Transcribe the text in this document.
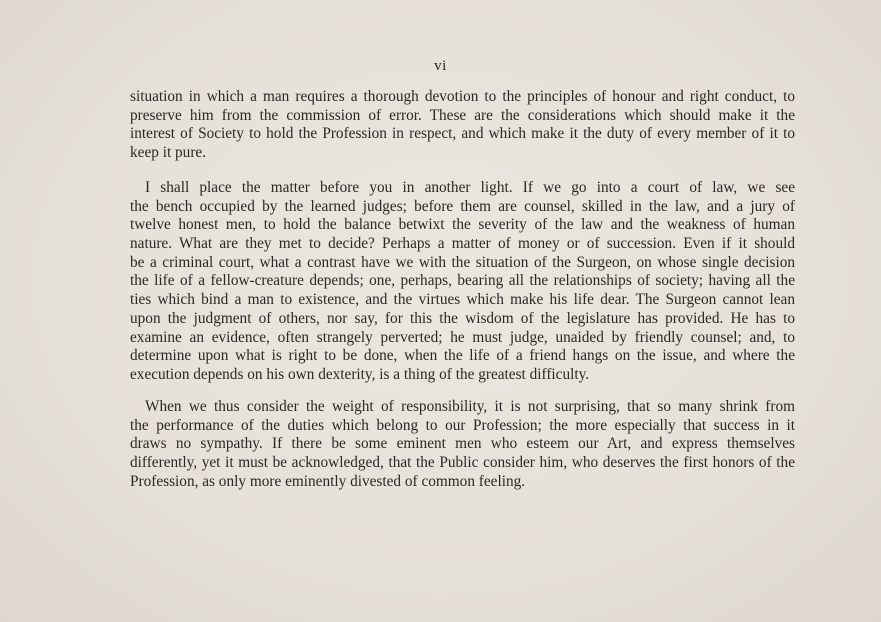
vi
situation in which a man requires a thorough devotion to the principles of honour and right conduct, to
preserve him from the commission of error. These are the considerations which should make it the
interest of Society to hold the Profession in respect, and which make it the duty of every member of it to
keep it pure.
I shall place the matter before you in another light. If we go into a court of law, we see
the bench occupied by the learned judges; before them are counsel, skilled in the law, and a jury of
twelve honest men, to hold the balance betwixt the severity of the law and the weakness of human
nature. What are they met to decide? Perhaps a matter of money or of succession. Even if it should
be a criminal court, what a contrast have we with the situation of the Surgeon, on whose single decision
the life of a fellow-creature depends; one, perhaps, bearing all the relationships of society; having all the
ties which bind a man to existence, and the virtues which make his life dear. The Surgeon cannot lean
upon the judgment of others, nor say, for this the wisdom of the legislature has provided. He has to
examine an evidence, often strangely perverted; he must judge, unaided by friendly counsel; and, to
determine upon what is right to be done, when the life of a friend hangs on the issue, and where the
execution depends on his own dexterity, is a thing of the greatest difficulty.
When we thus consider the weight of responsibility, it is not surprising, that so many shrink from
the performance of the duties which belong to our Profession; the more especially that success in it
draws no sympathy. If there be some eminent men who esteem our Art, and express themselves
differently, yet it must be acknowledged, that the Public consider him, who deserves the first honors of the
Profession, as only more eminently divested of common feeling.
